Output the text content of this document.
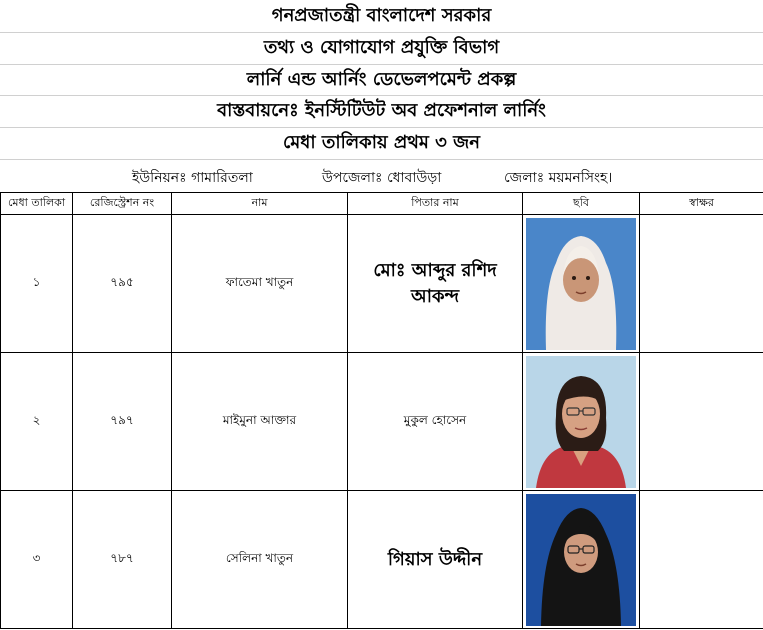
গনপ্রজাতন্ত্রী বাংলাদেশ সরকার
তথ্য ও যোগাযোগ প্রযুক্তি বিভাগ
লার্নি এন্ড আর্নিং ডেভেলপমেন্ট প্রকল্প
বাস্তবায়নেঃ ইনস্টিটিউট অব প্রফেশনাল লার্নিং
মেধা তালিকায় প্রথম ৩ জন
ইউনিয়নঃ গামারিতলা	উপজেলাঃ ধোবাউড়া	জেলাঃ ময়মনসিংহ।
মেধা তালিকা	রেজিস্ট্রেশন নং	নাম	পিতার নাম	ছবি	স্বাক্ষর
১	৭৯৫	ফাতেমা খাতুন	মোঃ আব্দুর রশিদ আকন্দ

২	৭৯৭	মাইমুনা আক্তার	মুকুল হোসেন	

৩	৭৮৭	সেলিনা খাতুন	গিয়াস উদ্দীন
